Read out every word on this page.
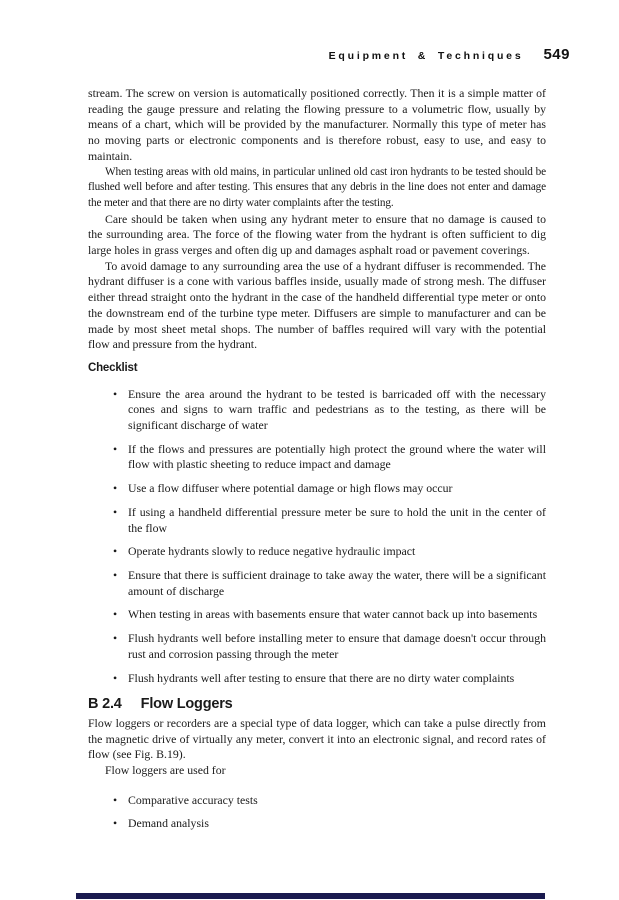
Equipment & Techniques 549

stream. The screw on version is automatically positioned correctly. Then it is a simple matter of reading the gauge pressure and relating the flowing pressure to a volumetric flow, usually by means of a chart, which will be provided by the manufacturer. Normally this type of meter has no moving parts or electronic components and is therefore robust, easy to use, and easy to maintain.

When testing areas with old mains, in particular unlined old cast iron hydrants to be tested should be flushed well before and after testing. This ensures that any debris in the line does not enter and damage the meter and that there are no dirty water complaints after the testing.

Care should be taken when using any hydrant meter to ensure that no damage is caused to the surrounding area. The force of the flowing water from the hydrant is often sufficient to dig large holes in grass verges and often dig up and damages asphalt road or pavement coverings.

To avoid damage to any surrounding area the use of a hydrant diffuser is recommended. The hydrant diffuser is a cone with various baffles inside, usually made of strong mesh. The diffuser either thread straight onto the hydrant in the case of the handheld differential type meter or onto the downstream end of the turbine type meter. Diffusers are simple to manufacturer and can be made by most sheet metal shops. The number of baffles required will vary with the potential flow and pressure from the hydrant.

Checklist
• Ensure the area around the hydrant to be tested is barricaded off with the necessary cones and signs to warn traffic and pedestrians as to the testing, as there will be significant discharge of water
• If the flows and pressures are potentially high protect the ground where the water will flow with plastic sheeting to reduce impact and damage
• Use a flow diffuser where potential damage or high flows may occur
• If using a handheld differential pressure meter be sure to hold the unit in the center of the flow
• Operate hydrants slowly to reduce negative hydraulic impact
• Ensure that there is sufficient drainage to take away the water, there will be a significant amount of discharge
• When testing in areas with basements ensure that water cannot back up into basements
• Flush hydrants well before installing meter to ensure that damage doesn't occur through rust and corrosion passing through the meter
• Flush hydrants well after testing to ensure that there are no dirty water complaints
B 2.4 Flow Loggers

Flow loggers or recorders are a special type of data logger, which can take a pulse directly from the magnetic drive of virtually any meter, convert it into an electronic signal, and record rates of flow (see Fig. B.19).

Flow loggers are used for

• Comparative accuracy tests
• Demand analysis
